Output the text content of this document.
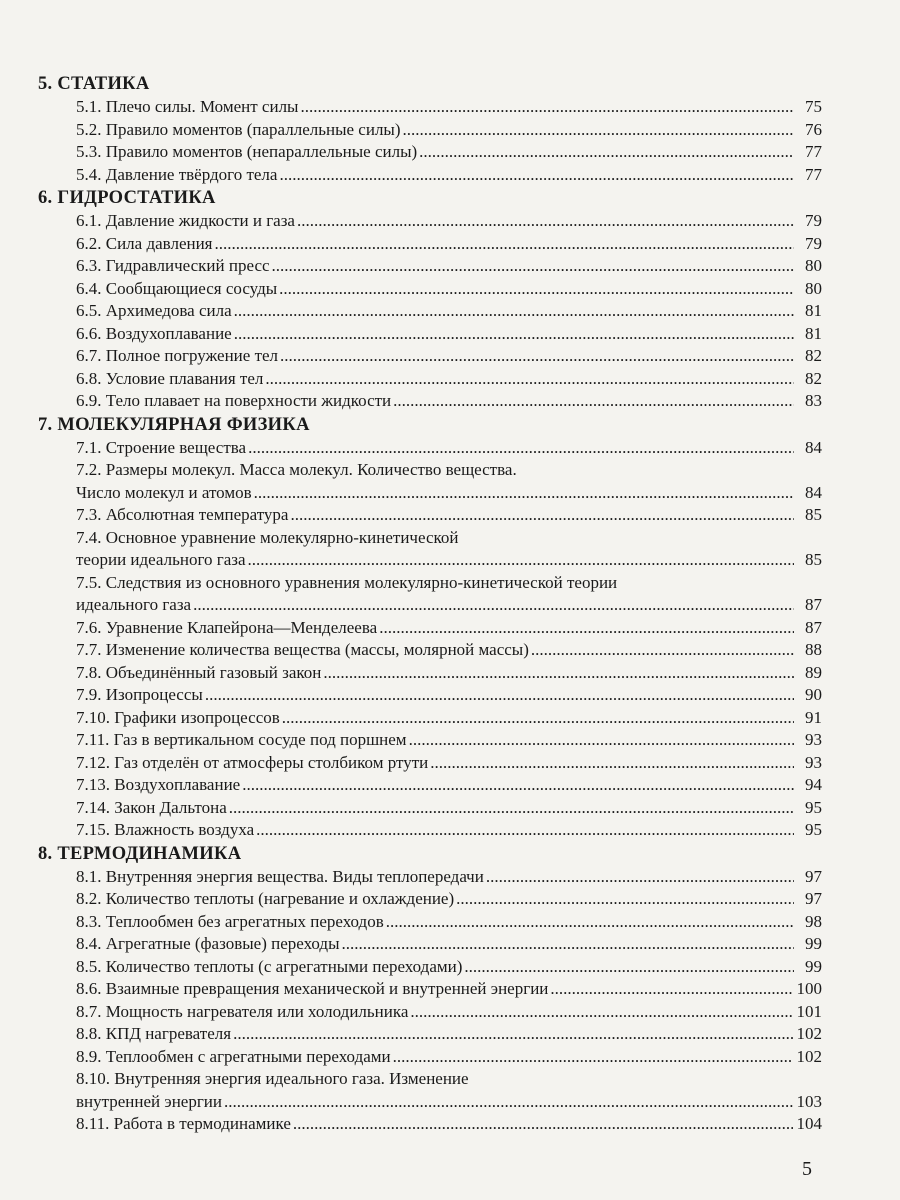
5. СТАТИКА
5.1. Плечо силы. Момент силы .....	75
5.2. Правило моментов (параллельные силы) .....	76
5.3. Правило моментов (непараллельные силы) .....	77
5.4. Давление твёрдого тела .....	77
6. ГИДРОСТАТИКА
6.1. Давление жидкости и газа .....	79
6.2. Сила давления .....	79
6.3. Гидравлический пресс .....	80
6.4. Сообщающиеся сосуды .....	80
6.5. Архимедова сила .....	81
6.6. Воздухоплавание .....	81
6.7. Полное погружение тел .....	82
6.8. Условие плавания тел .....	82
6.9. Тело плавает на поверхности жидкости .....	83
7. МОЛЕКУЛЯРНАЯ ФИЗИКА
7.1. Строение вещества .....	84
7.2. Размеры молекул. Масса молекул. Количество вещества.
Число молекул и атомов .....	84
7.3. Абсолютная температура .....	85
7.4. Основное уравнение молекулярно-кинетической
теории идеального газа .....	85
7.5. Следствия из основного уравнения молекулярно-кинетической теории
идеального газа .....	87
7.6. Уравнение Клапейрона—Менделеева .....	87
7.7. Изменение количества вещества (массы, молярной массы) .....	88
7.8. Объединённый газовый закон .....	89
7.9. Изопроцессы .....	90
7.10. Графики изопроцессов .....	91
7.11. Газ в вертикальном сосуде под поршнем .....	93
7.12. Газ отделён от атмосферы столбиком ртути .....	93
7.13. Воздухоплавание .....	94
7.14. Закон Дальтона .....	95
7.15. Влажность воздуха .....	95
8. ТЕРМОДИНАМИКА
8.1. Внутренняя энергия вещества. Виды теплопередачи .....	97
8.2. Количество теплоты (нагревание и охлаждение) .....	97
8.3. Теплообмен без агрегатных переходов .....	98
8.4. Агрегатные (фазовые) переходы .....	99
8.5. Количество теплоты (с агрегатными переходами) .....	99
8.6. Взаимные превращения механической и внутренней энергии .....	100
8.7. Мощность нагревателя или холодильника .....	101
8.8. КПД нагревателя .....	102
8.9. Теплообмен с агрегатными переходами .....	102
8.10. Внутренняя энергия идеального газа. Изменение
внутренней энергии .....	103
8.11. Работа в термодинамике .....	104
5
